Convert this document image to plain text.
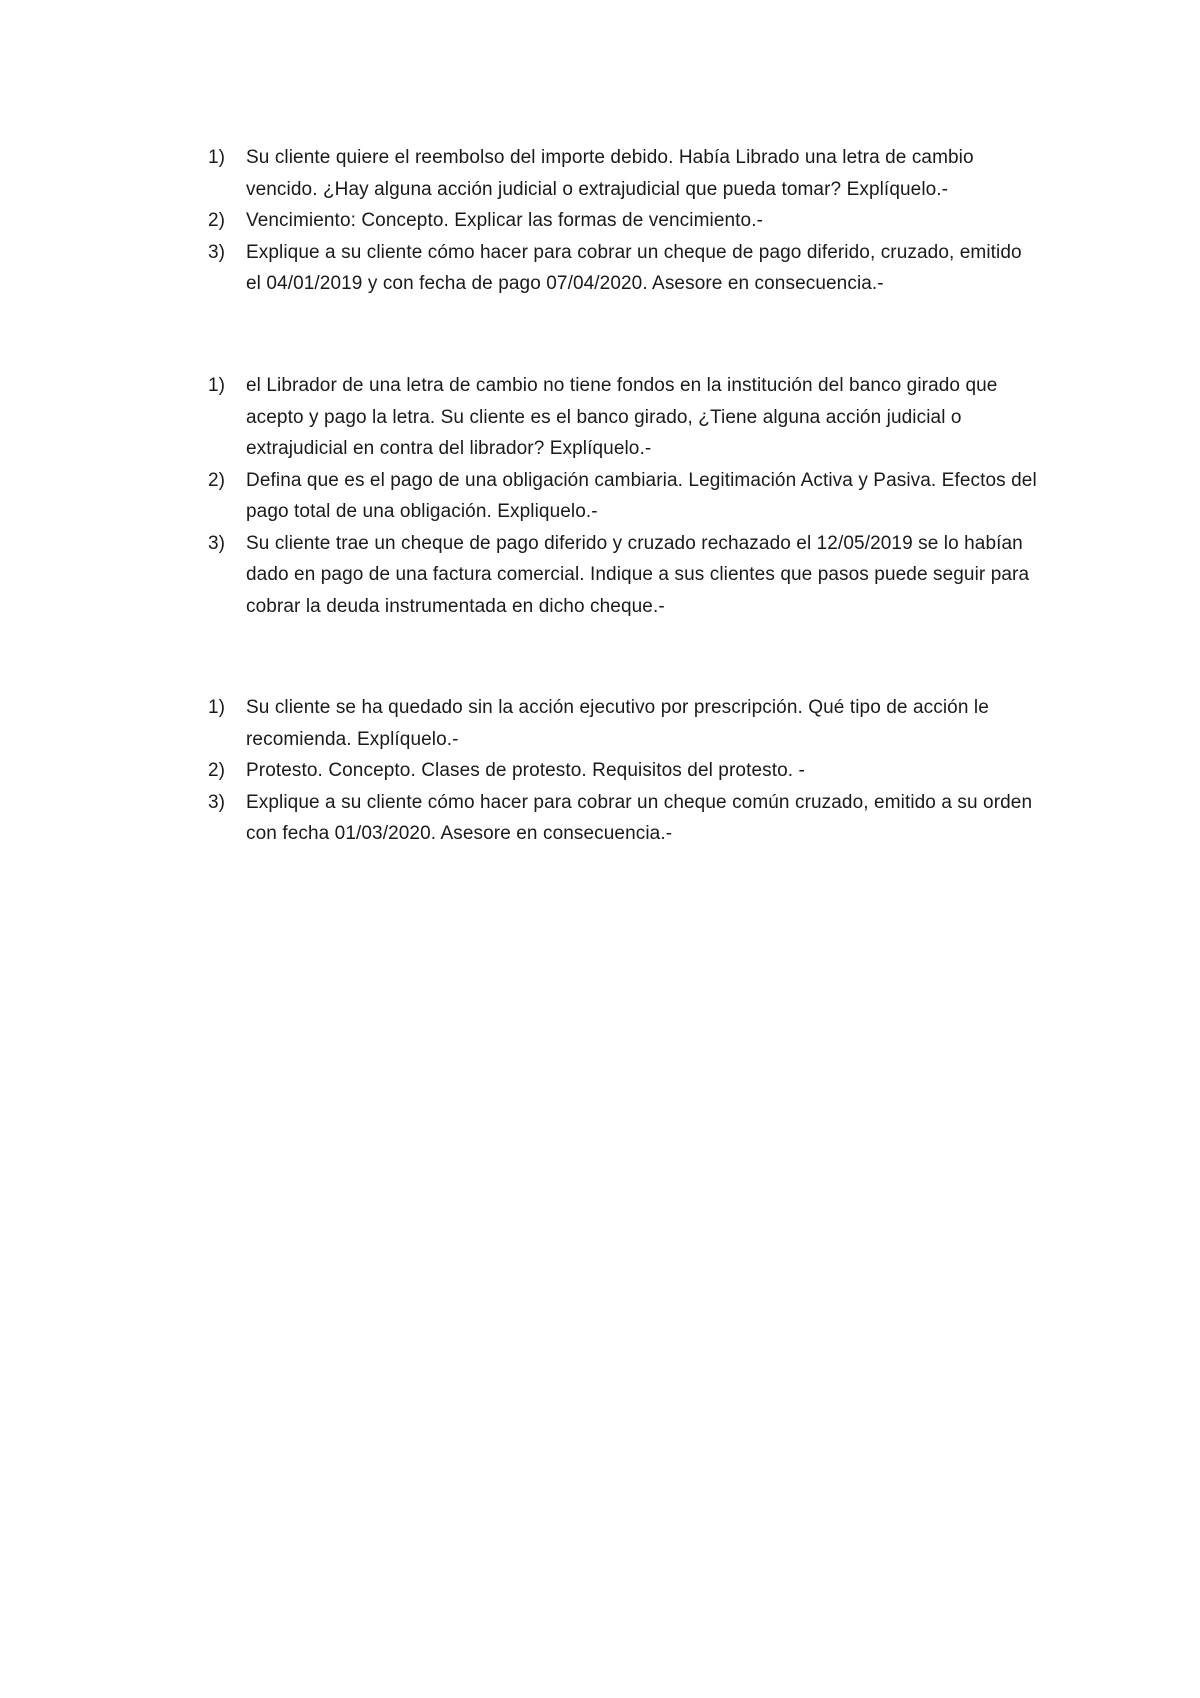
1) Su cliente quiere el reembolso del importe debido. Había Librado una letra de cambio vencido. ¿Hay alguna acción judicial o extrajudicial que pueda tomar? Explíquelo.-
2) Vencimiento: Concepto. Explicar las formas de vencimiento.-
3) Explique a su cliente cómo hacer para cobrar un cheque de pago diferido, cruzado, emitido el 04/01/2019 y con fecha de pago 07/04/2020. Asesore en consecuencia.-
1) el Librador de una letra de cambio no tiene fondos en la institución del banco girado que acepto y pago la letra. Su cliente es el banco girado, ¿Tiene alguna acción judicial o extrajudicial en contra del librador? Explíquelo.-
2) Defina que es el pago de una obligación cambiaria. Legitimación Activa y Pasiva. Efectos del pago total de una obligación. Expliquelo.-
3) Su cliente trae un cheque de pago diferido y cruzado rechazado el 12/05/2019 se lo habían dado en pago de una factura comercial. Indique a sus clientes que pasos puede seguir para cobrar la deuda instrumentada en dicho cheque.-
1) Su cliente se ha quedado sin la acción ejecutivo por prescripción. Qué tipo de acción le recomienda. Explíquelo.-
2) Protesto. Concepto. Clases de protesto. Requisitos del protesto. -
3) Explique a su cliente cómo hacer para cobrar un cheque común cruzado, emitido a su orden con fecha 01/03/2020. Asesore en consecuencia.-
